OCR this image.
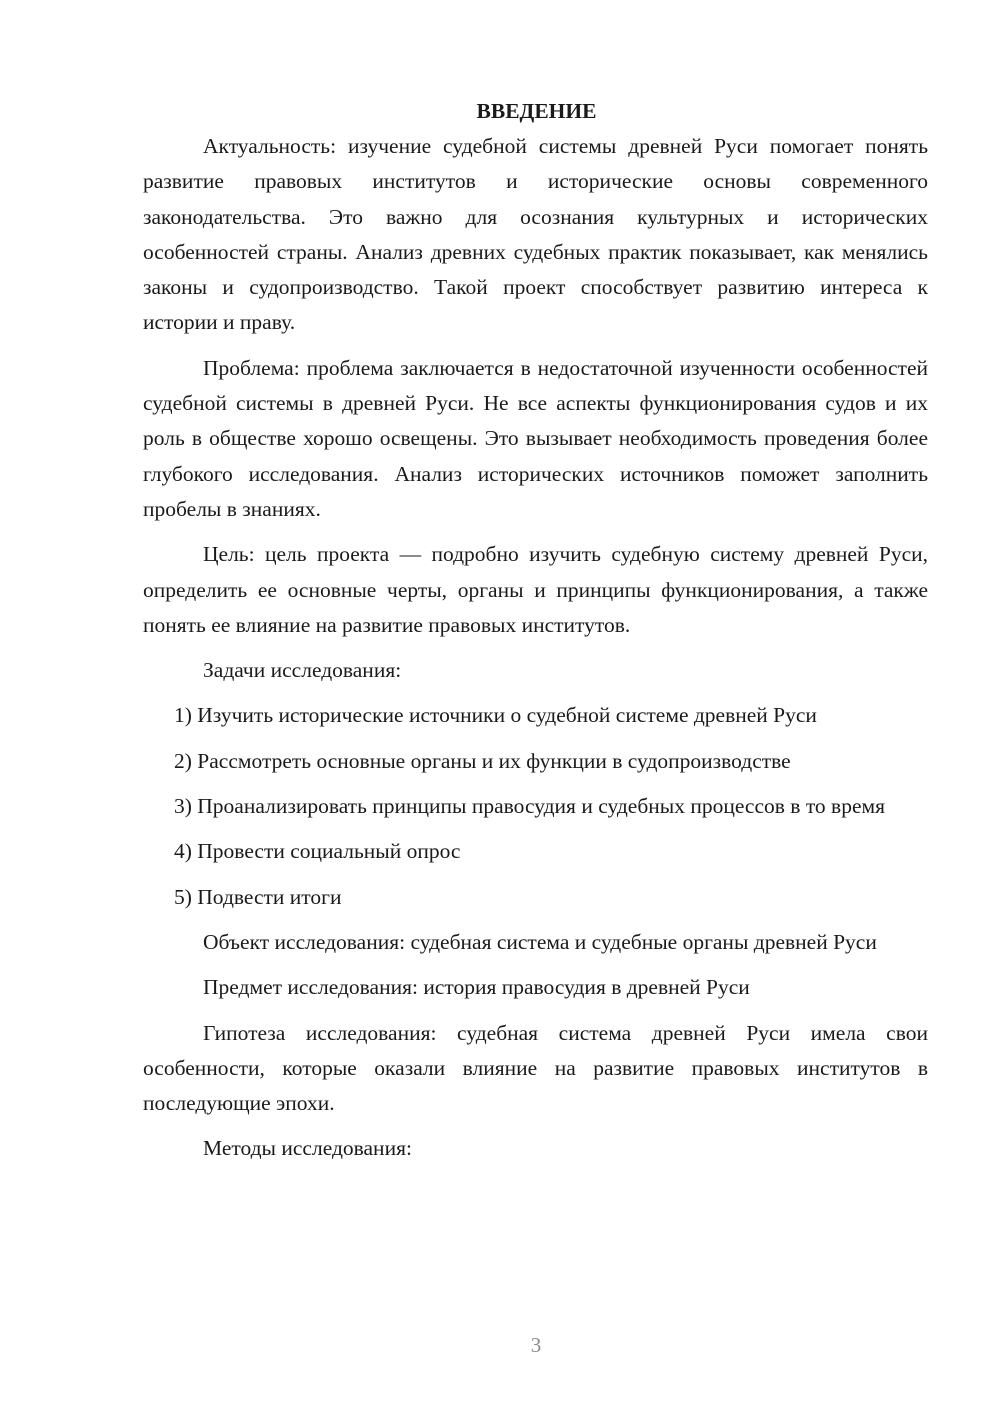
ВВЕДЕНИЕ

Актуальность: изучение судебной системы древней Руси помогает понять развитие правовых институтов и исторические основы современного законодательства. Это важно для осознания культурных и исторических особенностей страны. Анализ древних судебных практик показывает, как менялись законы и судопроизводство. Такой проект способствует развитию интереса к истории и праву.

Проблема: проблема заключается в недостаточной изученности особенностей судебной системы в древней Руси. Не все аспекты функционирования судов и их роль в обществе хорошо освещены. Это вызывает необходимость проведения более глубокого исследования. Анализ исторических источников поможет заполнить пробелы в знаниях.

Цель: цель проекта — подробно изучить судебную систему древней Руси, определить ее основные черты, органы и принципы функционирования, а также понять ее влияние на развитие правовых институтов.

Задачи исследования:

1) Изучить исторические источники о судебной системе древней Руси

2) Рассмотреть основные органы и их функции в судопроизводстве

3) Проанализировать принципы правосудия и судебных процессов в то время

4) Провести социальный опрос

5) Подвести итоги

Объект исследования: судебная система и судебные органы древней Руси

Предмет исследования: история правосудия в древней Руси

Гипотеза исследования: судебная система древней Руси имела свои особенности, которые оказали влияние на развитие правовых институтов в последующие эпохи.

Методы исследования:

3
